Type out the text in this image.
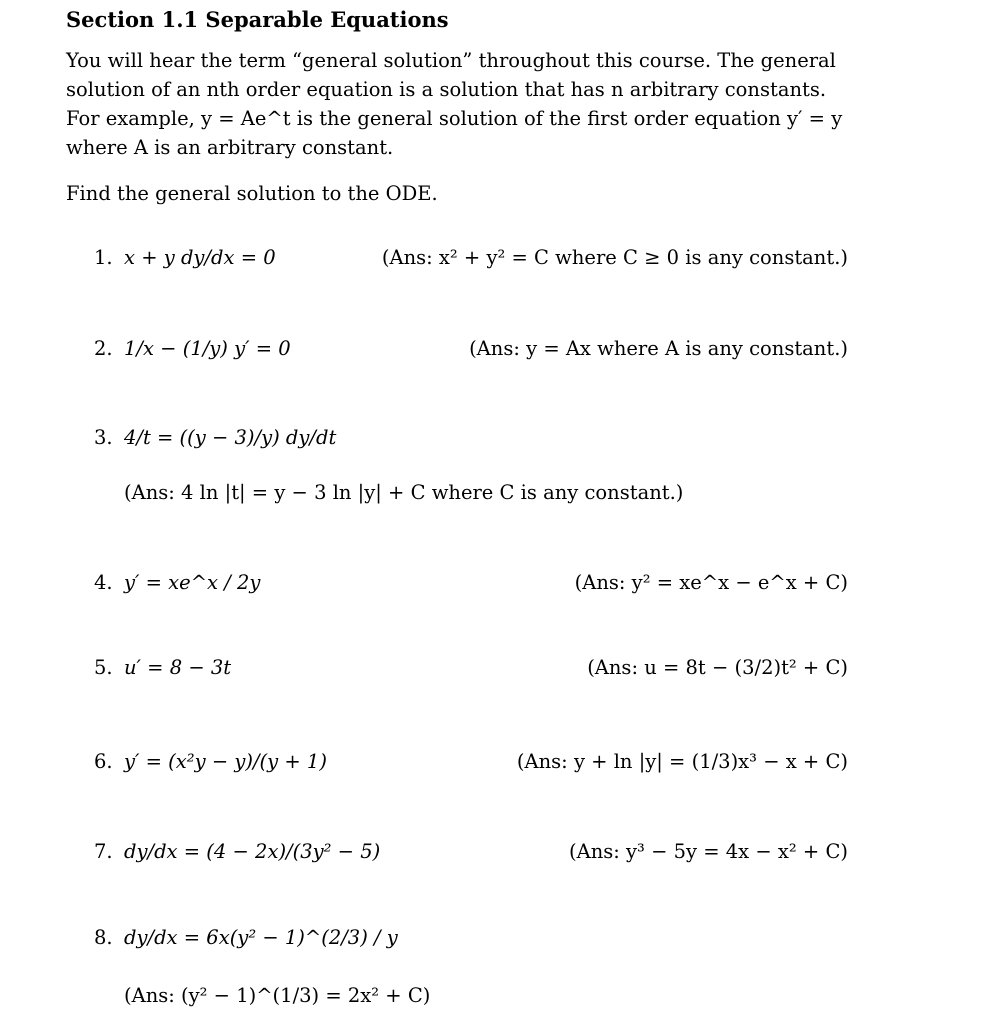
Section 1.1 Separable Equations

You will hear the term “general solution” throughout this course. The general

solution of an nth order equation is a solution that has n arbitrary constants.

For example, y = Ae^t is the general solution of the first order equation y′ = y

where A is an arbitrary constant.

Find the general solution to the ODE.
1. x + y dy/dx = 0	(Ans: x² + y² = C where C ≥ 0 is any constant.)
2. 1/x − (1/y) y′ = 0	(Ans: y = Ax where A is any constant.)
3. 4/t = ((y − 3)/y) dy/dt
(Ans: 4 ln |t| = y − 3 ln |y| + C where C is any constant.)
4. y′ = xe^x / 2y	(Ans: y² = xe^x − e^x + C)
5. u′ = 8 − 3t	(Ans: u = 8t − (3/2)t² + C)
6. y′ = (x²y − y)/(y + 1)	(Ans: y + ln |y| = (1/3)x³ − x + C)
7. dy/dx = (4 − 2x)/(3y² − 5)	(Ans: y³ − 5y = 4x − x² + C)
8. dy/dx = 6x(y² − 1)^(2/3) / y
(Ans: (y² − 1)^(1/3) = 2x² + C)
